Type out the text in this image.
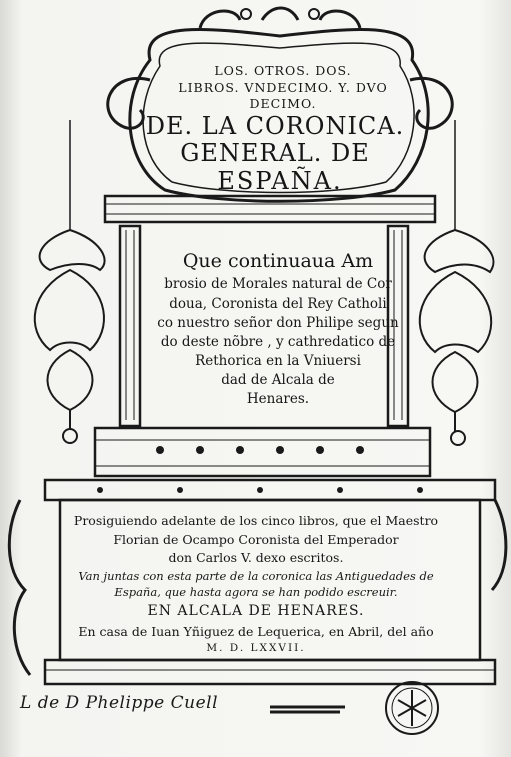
LOS. OTROS. DOS.
LIBROS. VNDECIMO. Y. DVO
DECIMO.
DE. LA CORONICA.
GENERAL. DE
ESPAÑA.
Que continuaua Am
brosio de Morales natural de Cor
doua, Coronista del Rey Catholi
co nuestro señor don Philipe segun
do deste nõbre , y cathredatico de
Rethorica en la Vniuersi
dad de Alcala de
Henares.
Prosiguiendo adelante de los cinco libros, que el Maestro
Florian de Ocampo Coronista del Emperador
don Carlos V. dexo escritos.
Van juntas con esta parte de la coronica las Antiguedades de
España, que hasta agora se han podido escreuir.
EN ALCALA DE HENARES.
En casa de Iuan Yñiguez de Lequerica, en Abril, del año
M. D. LXXVII.
L de D Phelippe Cuell
